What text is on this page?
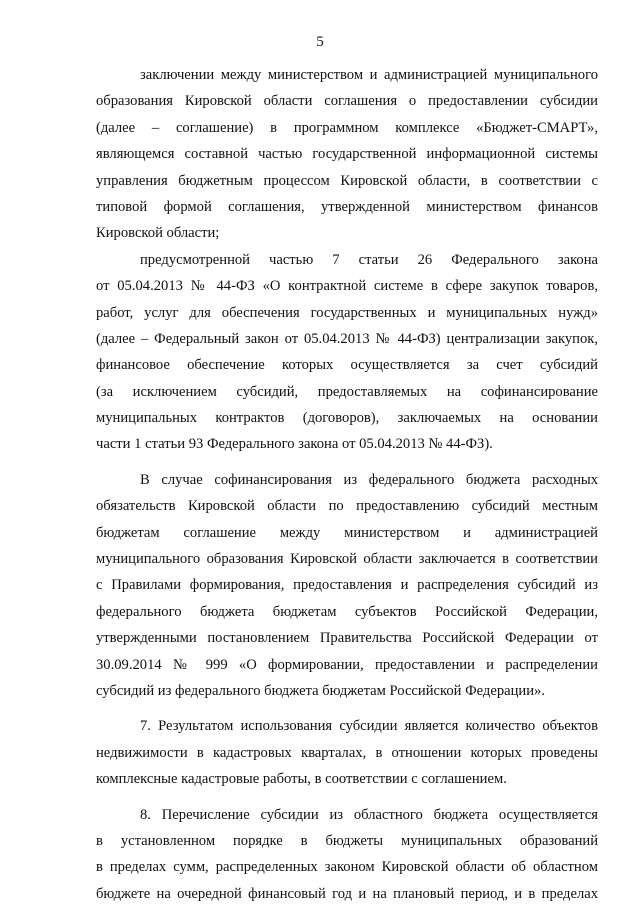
5
заключении между министерством и администрацией муниципального
образования Кировской области соглашения о предоставлении субсидии
(далее – соглашение) в программном комплексе «Бюджет-СМАРТ»,
являющемся составной частью государственной информационной системы
управления бюджетным процессом Кировской области, в соответствии с
типовой формой соглашения, утвержденной министерством финансов
Кировской области;
предусмотренной частью 7 статьи 26 Федерального закона
от 05.04.2013 № 44-ФЗ «О контрактной системе в сфере закупок товаров,
работ, услуг для обеспечения государственных и муниципальных нужд»
(далее – Федеральный закон от 05.04.2013 № 44-ФЗ) централизации закупок,
финансовое обеспечение которых осуществляется за счет субсидий
(за исключением субсидий, предоставляемых на софинансирование
муниципальных контрактов (договоров), заключаемых на основании
части 1 статьи 93 Федерального закона от 05.04.2013 № 44-ФЗ).
В случае софинансирования из федерального бюджета расходных
обязательств Кировской области по предоставлению субсидий местным
бюджетам соглашение между министерством и администрацией
муниципального образования Кировской области заключается в соответствии
с Правилами формирования, предоставления и распределения субсидий из
федерального бюджета бюджетам субъектов Российской Федерации,
утвержденными постановлением Правительства Российской Федерации от
30.09.2014 № 999 «О формировании, предоставлении и распределении
субсидий из федерального бюджета бюджетам Российской Федерации».
7. Результатом использования субсидии является количество объектов
недвижимости в кадастровых кварталах, в отношении которых проведены
комплексные кадастровые работы, в соответствии с соглашением.
8. Перечисление субсидии из областного бюджета осуществляется
в установленном порядке в бюджеты муниципальных образований
в пределах сумм, распределенных законом Кировской области об областном
бюджете на очередной финансовый год и на плановый период, и в пределах
